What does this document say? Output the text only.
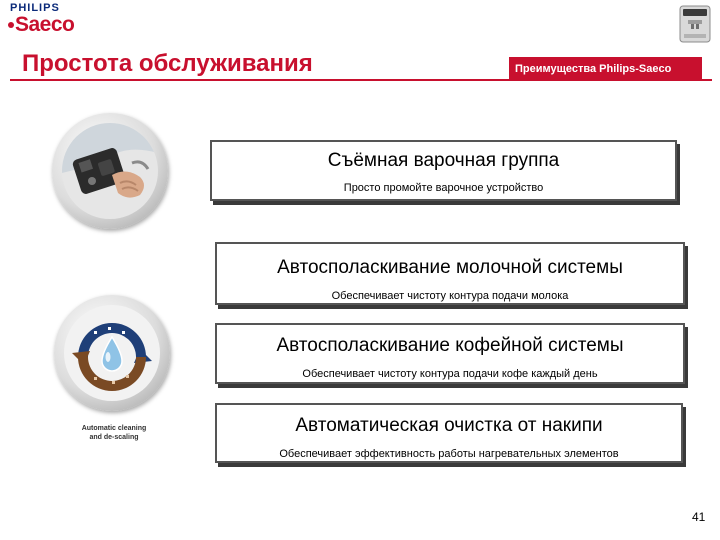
PHILIPS
Saeco
Простота обслуживания	Преимущества Philips-Saeco
Automatic cleaning
and de-scaling
Съёмная варочная группа
Просто промойте варочное устройство
Автосполаскивание молочной системы
Обеспечивает чистоту контура подачи молока
Автосполаскивание кофейной системы
Обеспечивает чистоту контура подачи кофе каждый день
Автоматическая очистка от накипи
Обеспечивает эффективность работы нагревательных элементов
41
